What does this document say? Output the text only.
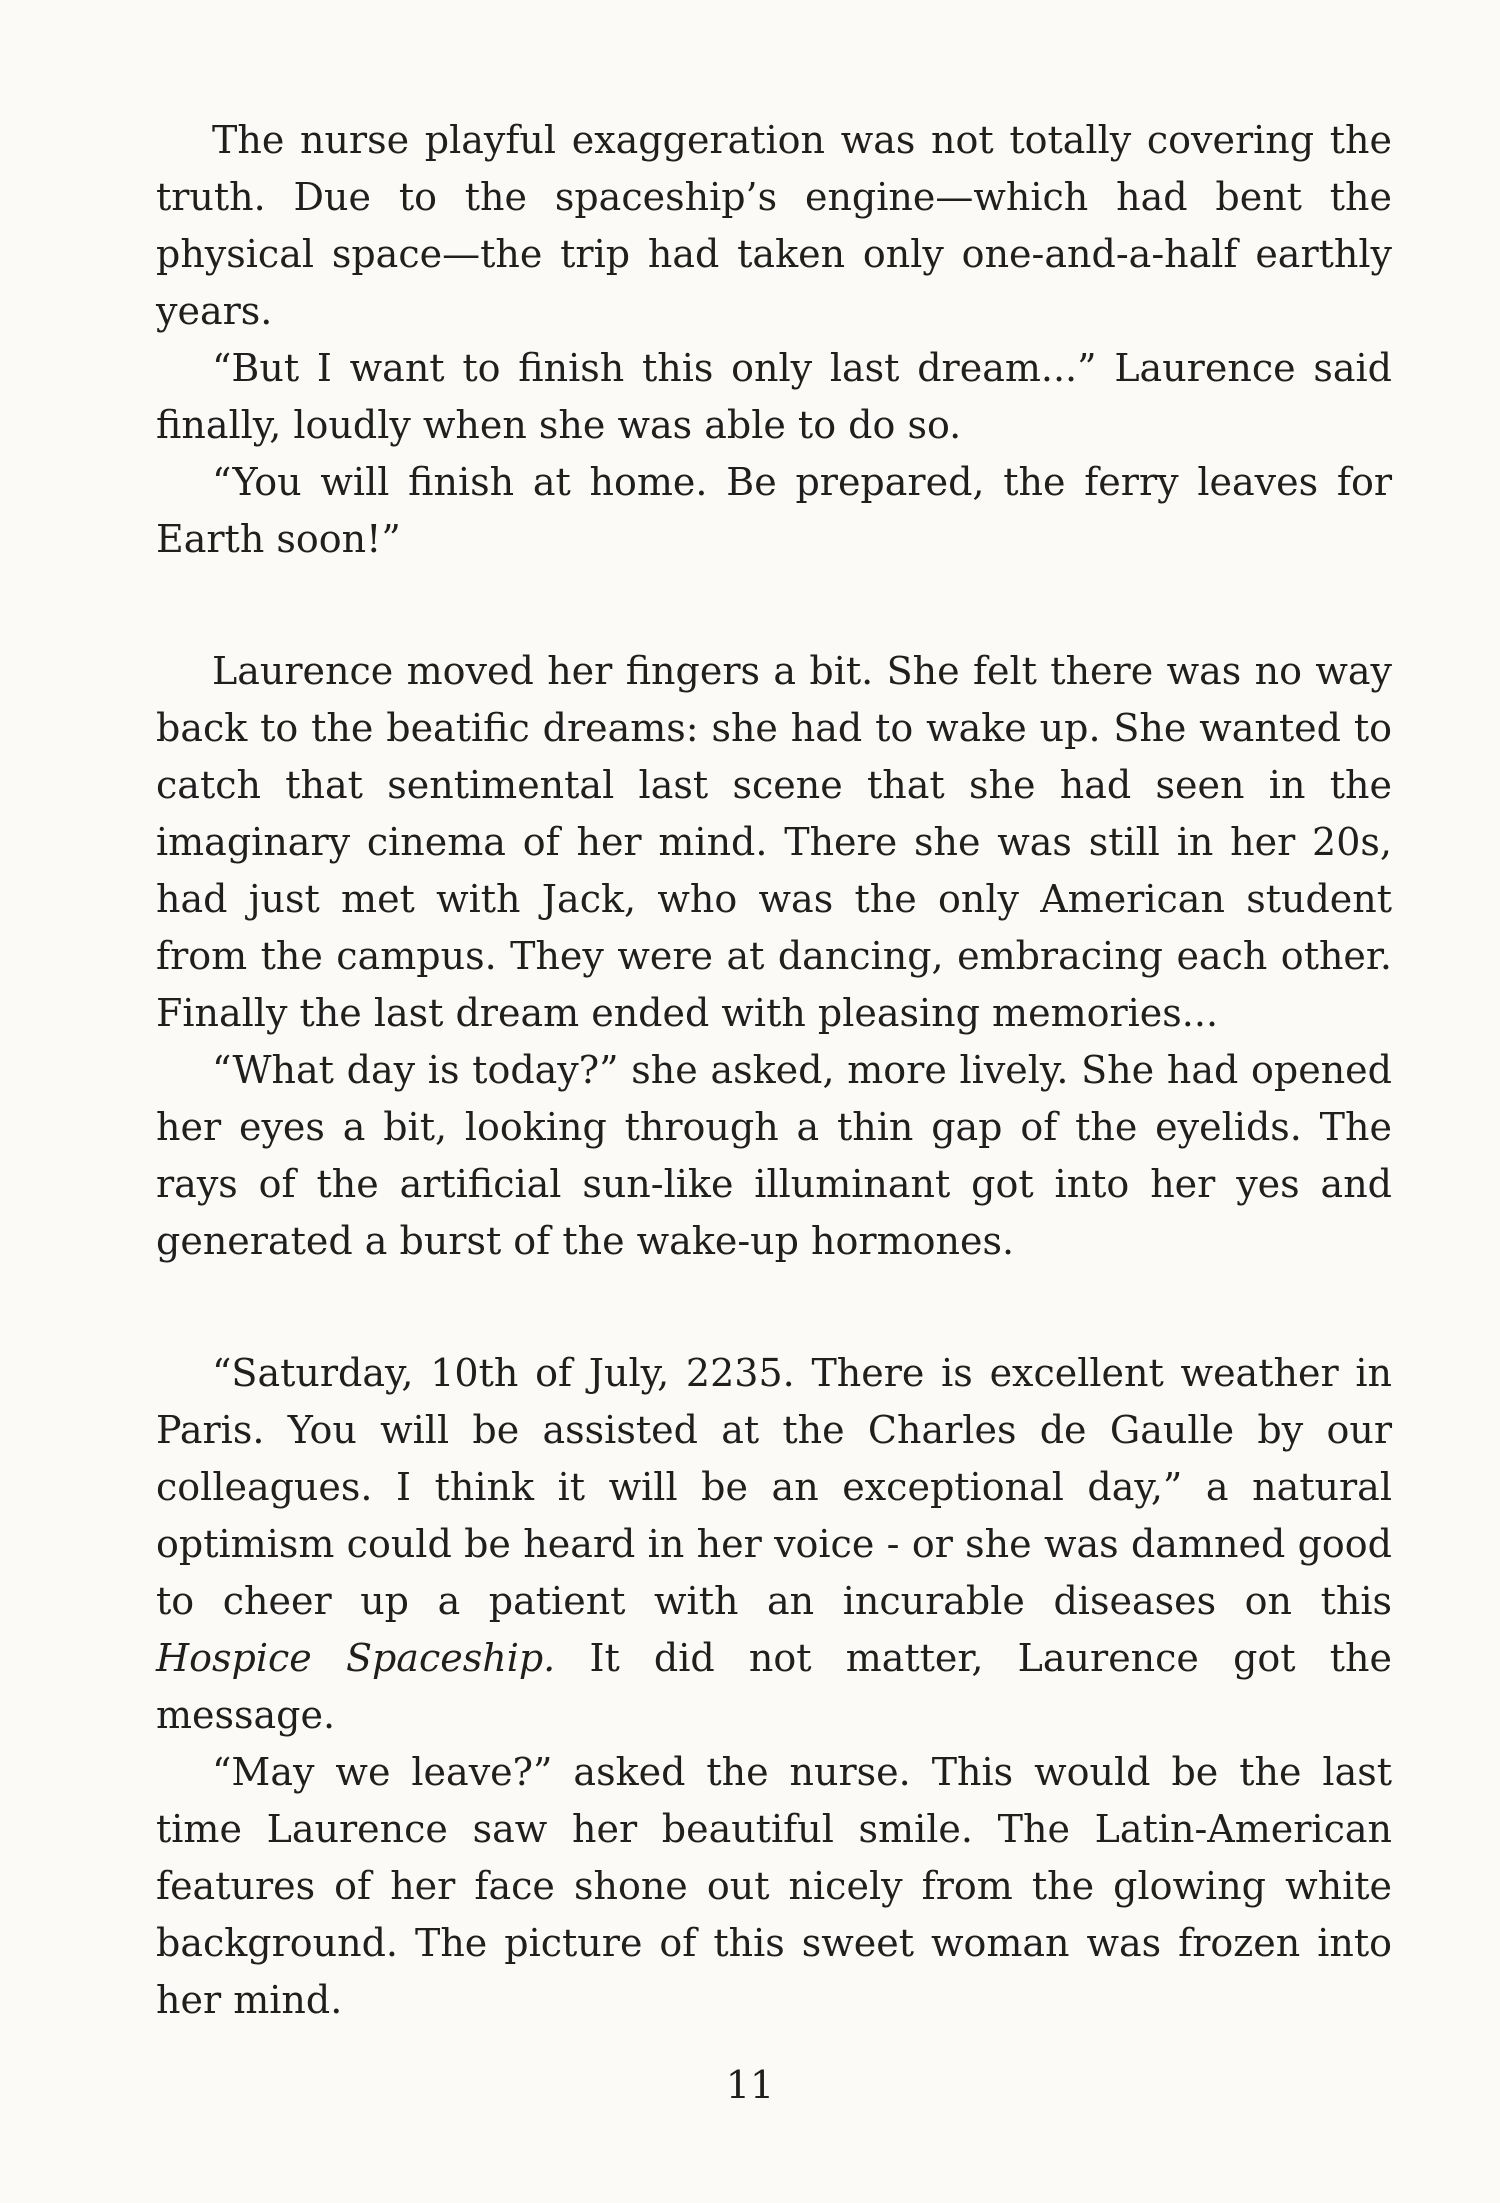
The nurse playful exaggeration was not totally covering the truth. Due to the spaceship’s engine—which had bent the physical space—the trip had taken only one-and-a-half earthly years.

“But I want to finish this only last dream...” Laurence said finally, loudly when she was able to do so.

“You will finish at home. Be prepared, the ferry leaves for Earth soon!”

Laurence moved her fingers a bit. She felt there was no way back to the beatific dreams: she had to wake up. She wanted to catch that sentimental last scene that she had seen in the imaginary cinema of her mind. There she was still in her 20s, had just met with Jack, who was the only American student from the campus. They were at dancing, embracing each other. Finally the last dream ended with pleasing memories...

“What day is today?” she asked, more lively. She had opened her eyes a bit, looking through a thin gap of the eyelids. The rays of the artificial sun-like illuminant got into her yes and generated a burst of the wake-up hormones.

“Saturday, 10th of July, 2235. There is excellent weather in Paris. You will be assisted at the Charles de Gaulle by our colleagues. I think it will be an exceptional day,” a natural optimism could be heard in her voice - or she was damned good to cheer up a patient with an incurable diseases on this Hospice Spaceship. It did not matter, Laurence got the message.

“May we leave?” asked the nurse. This would be the last time Laurence saw her beautiful smile. The Latin-American features of her face shone out nicely from the glowing white background. The picture of this sweet woman was frozen into her mind.

11
